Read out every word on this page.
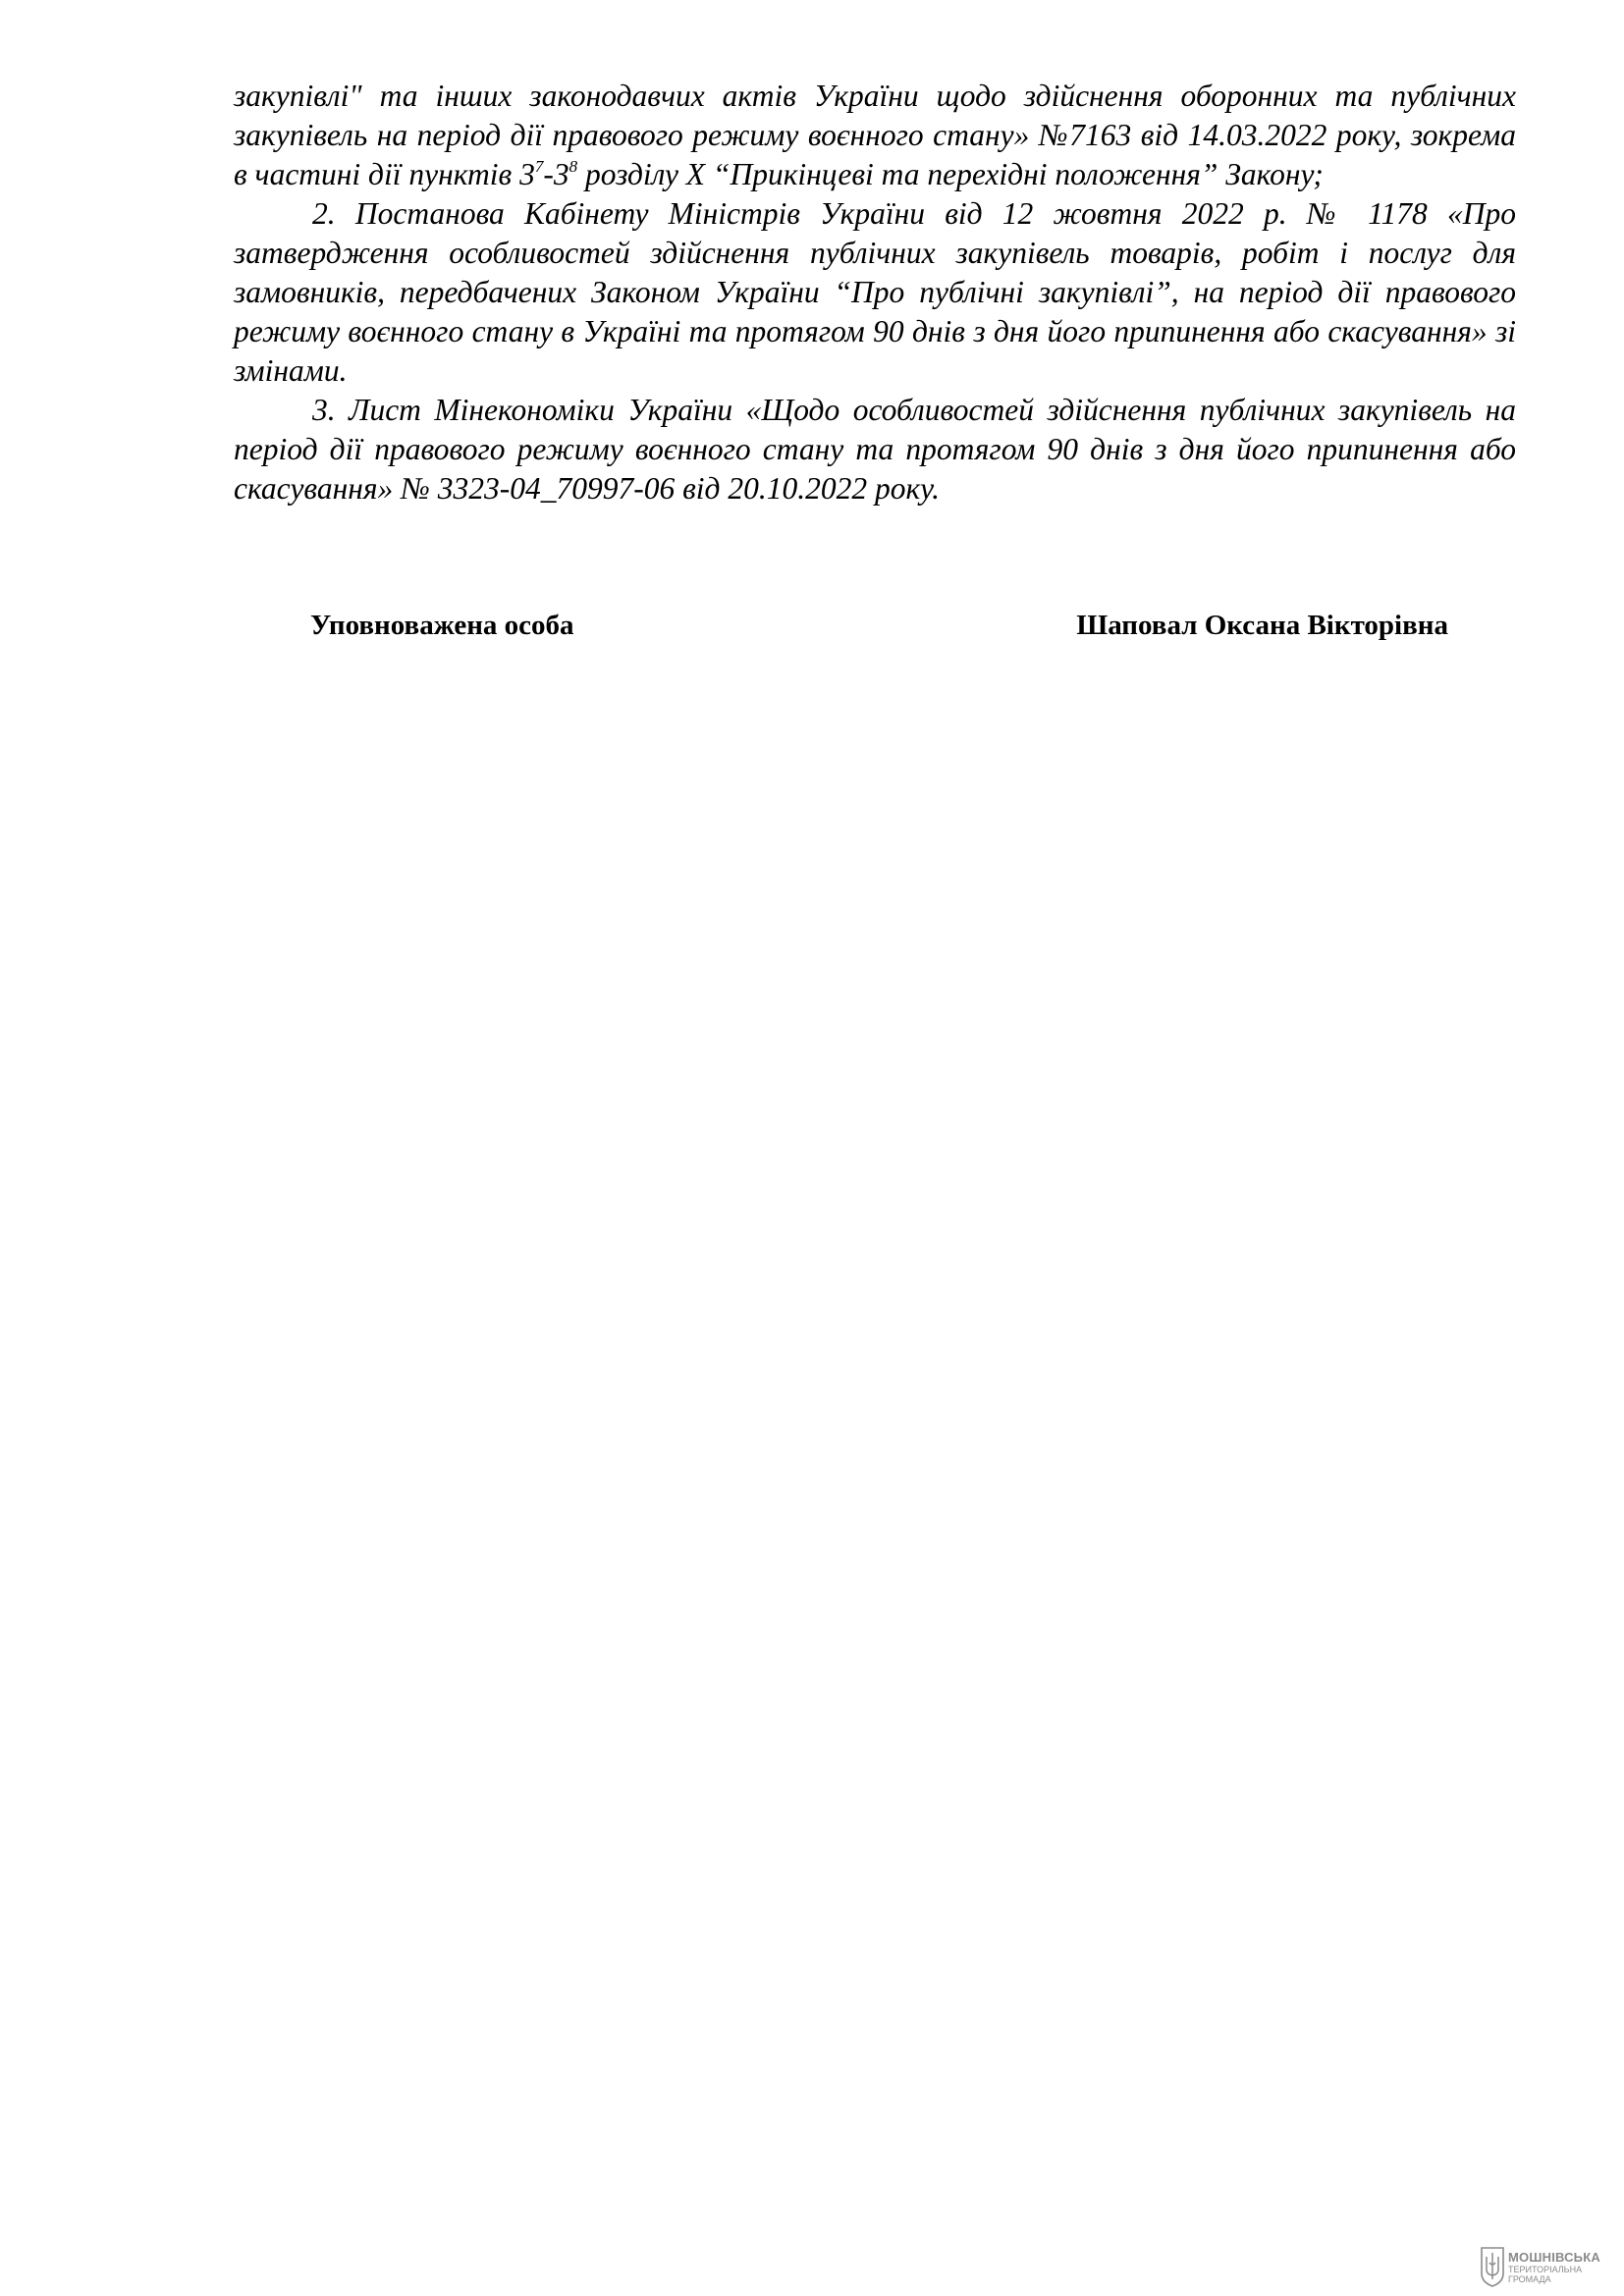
закупівлі" та інших законодавчих актів України щодо здійснення оборонних та публічних закупівель на період дії правового режиму воєнного стану» №7163 від 14.03.2022 року, зокрема в частині дії пунктів $3^7-3^8$ розділу X “Прикінцеві та перехідні положення” Закону;

2. Постанова Кабінету Міністрів України від 12 жовтня 2022 р. № 1178 «Про затвердження особливостей здійснення публічних закупівель товарів, робіт і послуг для замовників, передбачених Законом України “Про публічні закупівлі”, на період дії правового режиму воєнного стану в Україні та протягом 90 днів з дня його припинення або скасування» зі змінами.

3. Лист Мінекономіки України «Щодо особливостей здійснення публічних закупівель на період дії правового режиму воєнного стану та протягом 90 днів з дня його припинення або скасування» № 3323-04_70997-06 від 20.10.2022 року.

Уповноважена особа	Шаповал Оксана Вікторівна
МОШНІВСЬКА
ТЕРИТОРІАЛЬНА
ГРОМАДА
